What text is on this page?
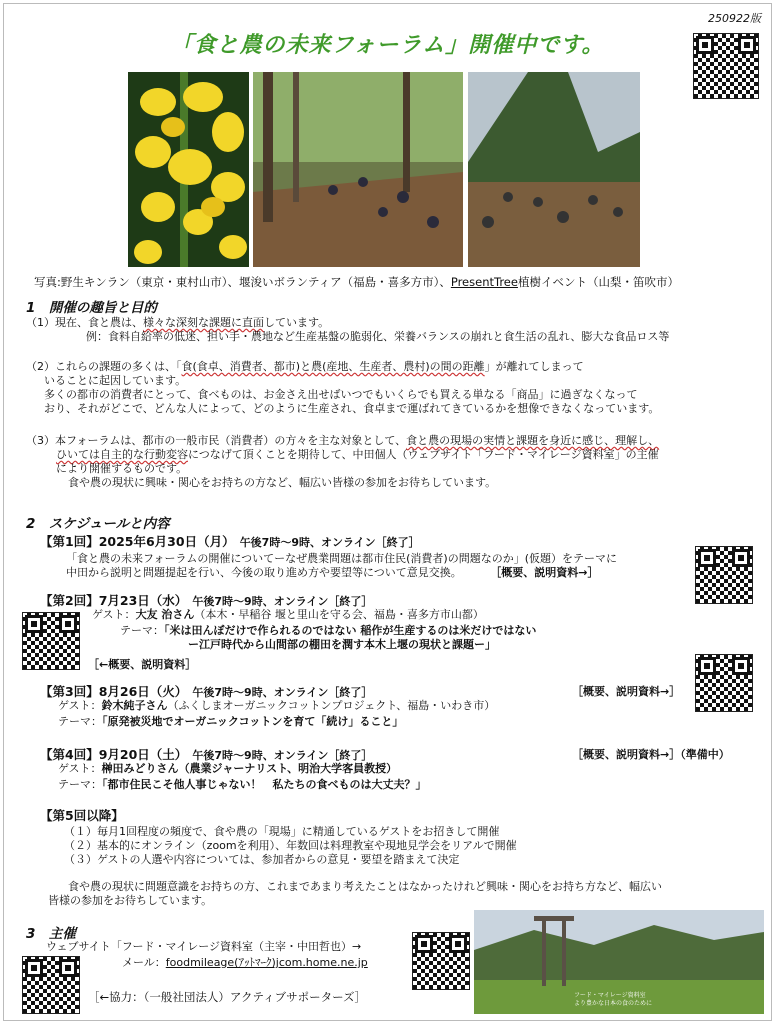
250922版
「食と農の未来フォーラム」開催中です。
写真:野生キンラン（東京・東村山市）、堰浚いボランティア（福島・喜多方市）、PresentTree植樹イベント（山梨・笛吹市）
1　開催の趣旨と目的
（1）現在、食と農は、様々な深刻な課題に直面しています。
例：食料自給率の低迷、担い手・農地など生産基盤の脆弱化、栄養バランスの崩れと食生活の乱れ、膨大な食品ロス等
（2）これらの課題の多くは、「食(食卓、消費者、都市)と農(産地、生産者、農村)の間の距離」が離れてしまって
いることに起因しています。
多くの都市の消費者にとって、食べものは、お金さえ出せばいつでもいくらでも買える単なる「商品」に過ぎなくなって
おり、それがどこで、どんな人によって、どのように生産され、食卓まで運ばれてきているかを想像できなくなっています。
（3）本フォーラムは、都市の一般市民（消費者）の方々を主な対象として、食と農の現場の実情と課題を身近に感じ、理解し、
ひいては自主的な行動変容につなげて頂くことを期待して、中田個人（ウェブサイト「フード・マイレージ資料室」の主催
により開催するものです。
食や農の現状に興味・関心をお持ちの方など、幅広い皆様の参加をお待ちしています。
2　スケジュールと内容
【第1回】2025年6月30日（月） 午後7時～9時、オンライン［終了］
「食と農の未来フォーラムの開催についてーなぜ農業問題は都市住民(消費者)の問題なのか」(仮題）をテーマに
中田から説明と問題提起を行い、今後の取り進め方や要望等について意見交換。	［概要、説明資料→］
【第2回】7月23日（水） 午後7時～9時、オンライン［終了］
ゲスト：大友 治さん（本木・早稲谷 堰と里山を守る会、福島・喜多方市山都）
テーマ：「米は田んぼだけで作られるのではない 稲作が生産するのは米だけではない
ー江戸時代から山間部の棚田を潤す本木上堰の現状と課題ー」
［←概要、説明資料］
【第3回】8月26日（火） 午後7時～9時、オンライン［終了］	［概要、説明資料→］
ゲスト：鈴木純子さん（ふくしまオーガニックコットンプロジェクト、福島・いわき市）
テーマ：「原発被災地でオーガニックコットンを育て「続け」ること」
【第4回】9月20日（土） 午後7時～9時、オンライン［終了］	［概要、説明資料→］（準備中）
ゲスト：榊田みどりさん（農業ジャーナリスト、明治大学客員教授）
テーマ：「都市住民こそ他人事じゃない！　私たちの食べものは大丈夫？」
【第5回以降】
（１）毎月1回程度の頻度で、食や農の「現場」に精通しているゲストをお招きして開催
（２）基本的にオンライン（zoomを利用）、年数回は料理教室や現地見学会をリアルで開催
（３）ゲストの人選や内容については、参加者からの意見・要望を踏まえて決定
食や農の現状に問題意識をお持ちの方、これまであまり考えたことはなかったけれど興味・関心をお持ち方など、幅広い
皆様の参加をお待ちしています。
3　主催
ウェブサイト「フード・マイレージ資料室（主宰・中田哲也）→
メール：foodmileage(ｱｯﾄﾏｰｸ)jcom.home.ne.jp
［←協力：（一般社団法人）アクティブサポーターズ］	フード・マイレージ資料室
より豊かな日本の食のために
